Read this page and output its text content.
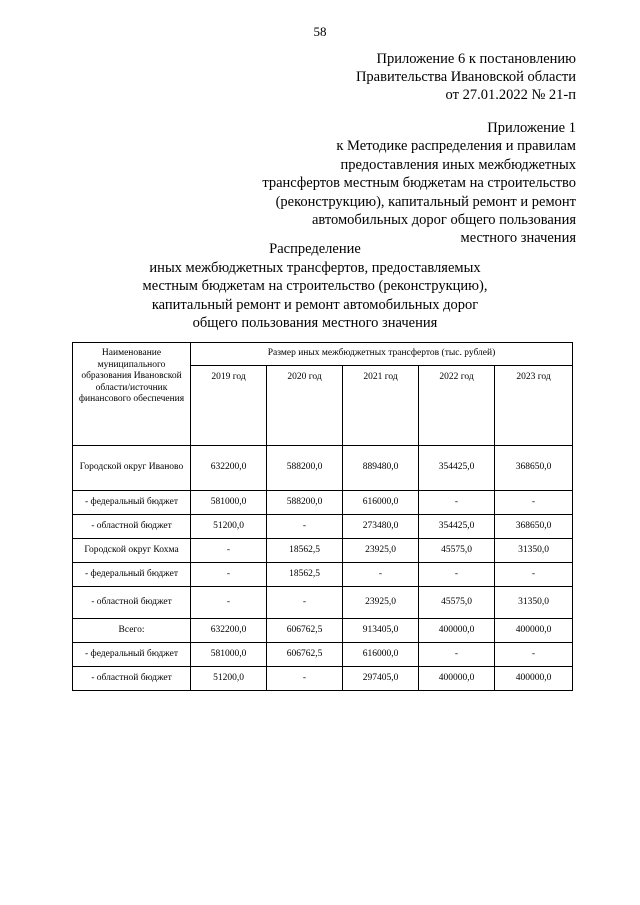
58
Приложение 6 к постановлению
Правительства Ивановской области
от 27.01.2022 № 21-п
Приложение 1
к Методике распределения и правилам
предоставления иных межбюджетных
трансфертов местным бюджетам на строительство
(реконструкцию), капитальный ремонт и ремонт
автомобильных дорог общего пользования
местного значения
Распределение
иных межбюджетных трансфертов, предоставляемых
местным бюджетам на строительство (реконструкцию),
капитальный ремонт и ремонт автомобильных дорог
общего пользования местного значения
Наименование муниципального образования Ивановской области/источник финансового обеспечения	Размер иных межбюджетных трансфертов (тыс. рублей)				
	2019 год	2020 год	2021 год	2022 год	2023 год
Городской округ Иваново	632200,0	588200,0	889480,0	354425,0	368650,0
- федеральный бюджет	581000,0	588200,0	616000,0	-	-
- областной бюджет	51200,0	-	273480,0	354425,0	368650,0
Городской округ Кохма	-	18562,5	23925,0	45575,0	31350,0
- федеральный бюджет	-	18562,5	-	-	-
- областной бюджет	-	-	23925,0	45575,0	31350,0
Всего:	632200,0	606762,5	913405,0	400000,0	400000,0
- федеральный бюджет	581000,0	606762,5	616000,0	-	-
- областной бюджет	51200,0	-	297405,0	400000,0	400000,0
